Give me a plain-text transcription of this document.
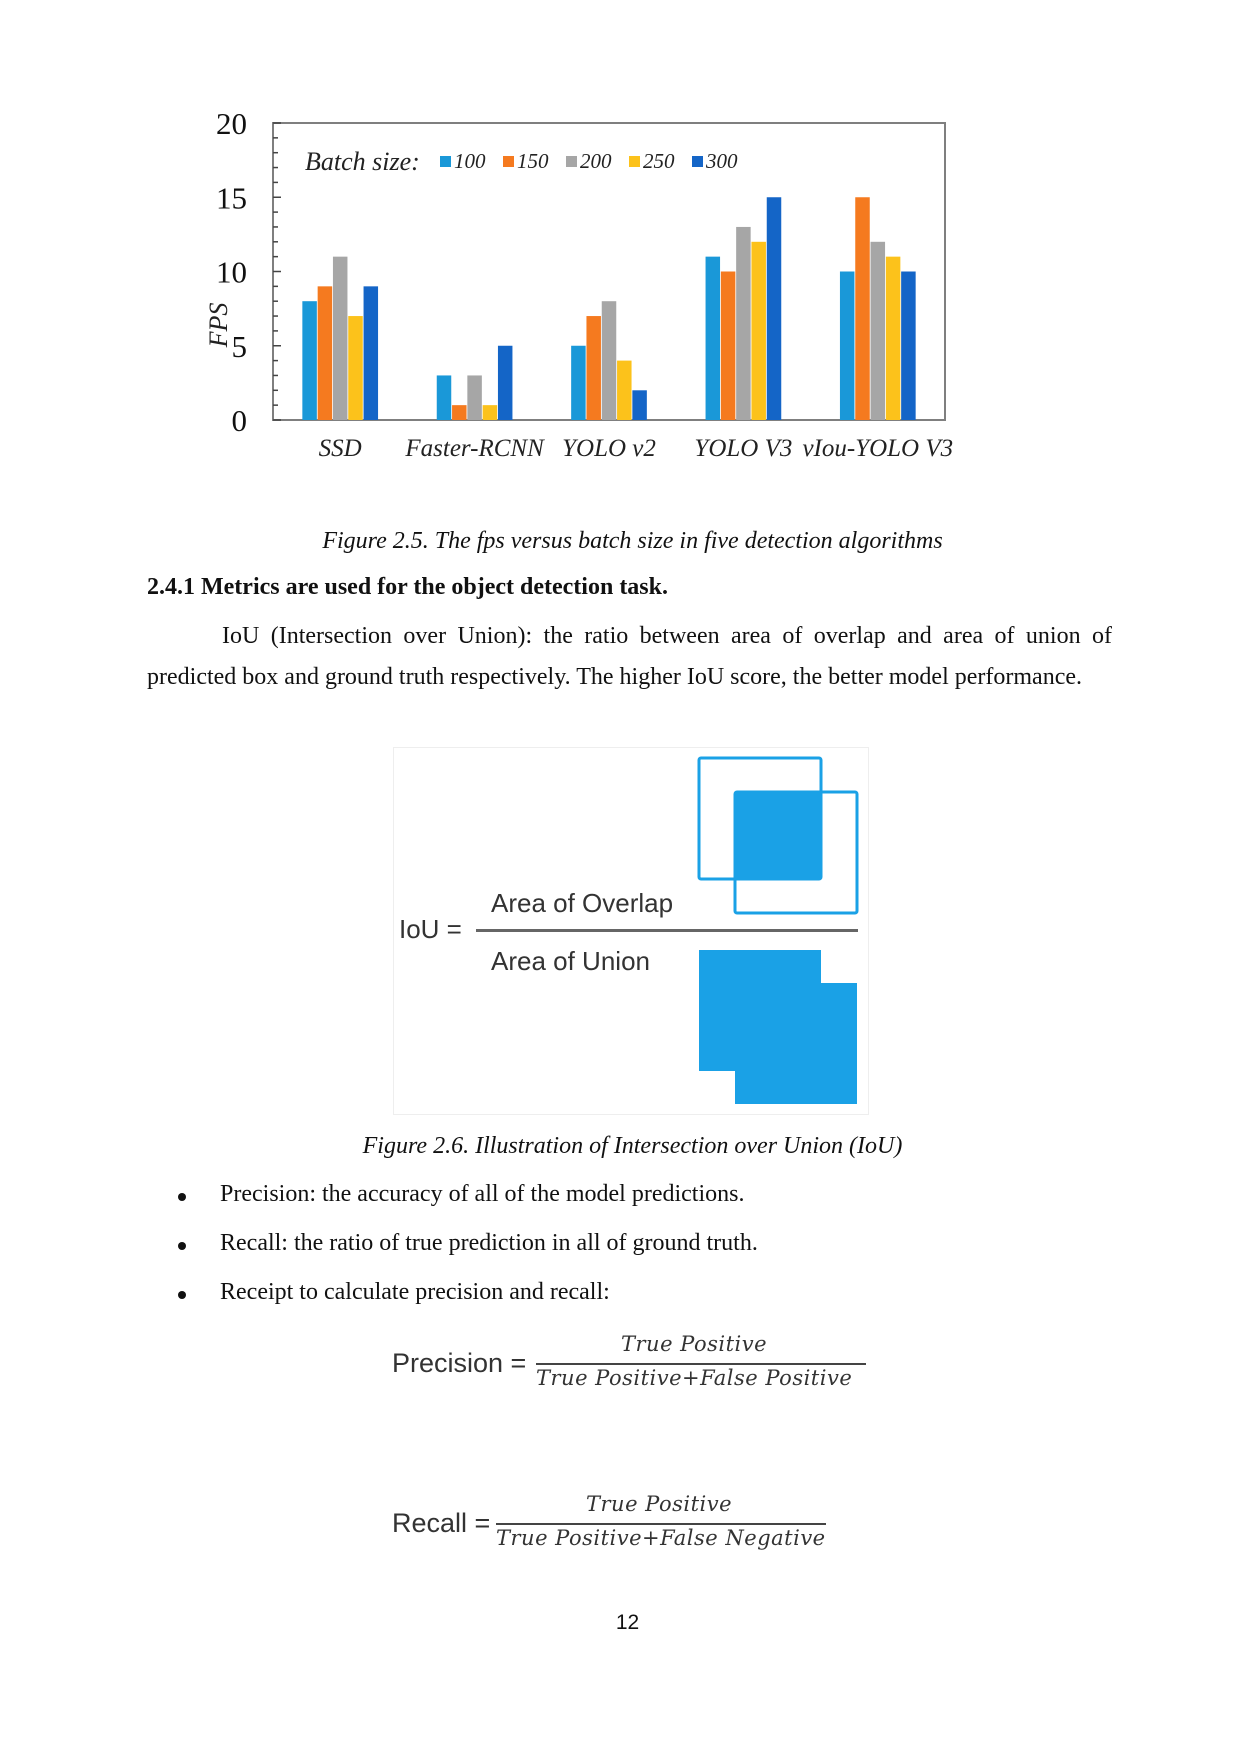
0
5
10
15
20
SSD Faster-RCNN YOLO v2 YOLO V3 vIou-YOLO V3
Batch size: 100 150 200 250 300
FPS
Figure 2.5. The fps versus batch size in five detection algorithms
2.4.1 Metrics are used for the object detection task.

IoU (Intersection over Union): the ratio between area of overlap and area of union of predicted box and ground truth respectively. The higher IoU score, the better model performance.

IoU =
Area of Overlap
Area of Union
Figure 2.6. Illustration of Intersection over Union (IoU)
Precision: the accuracy of all of the model predictions.
Recall: the ratio of true prediction in all of ground truth.
Receipt to calculate precision and recall:
Precision =
True Positive
True Positive+False Positive
Recall =
True Positive
True Positive+False Negative
12
